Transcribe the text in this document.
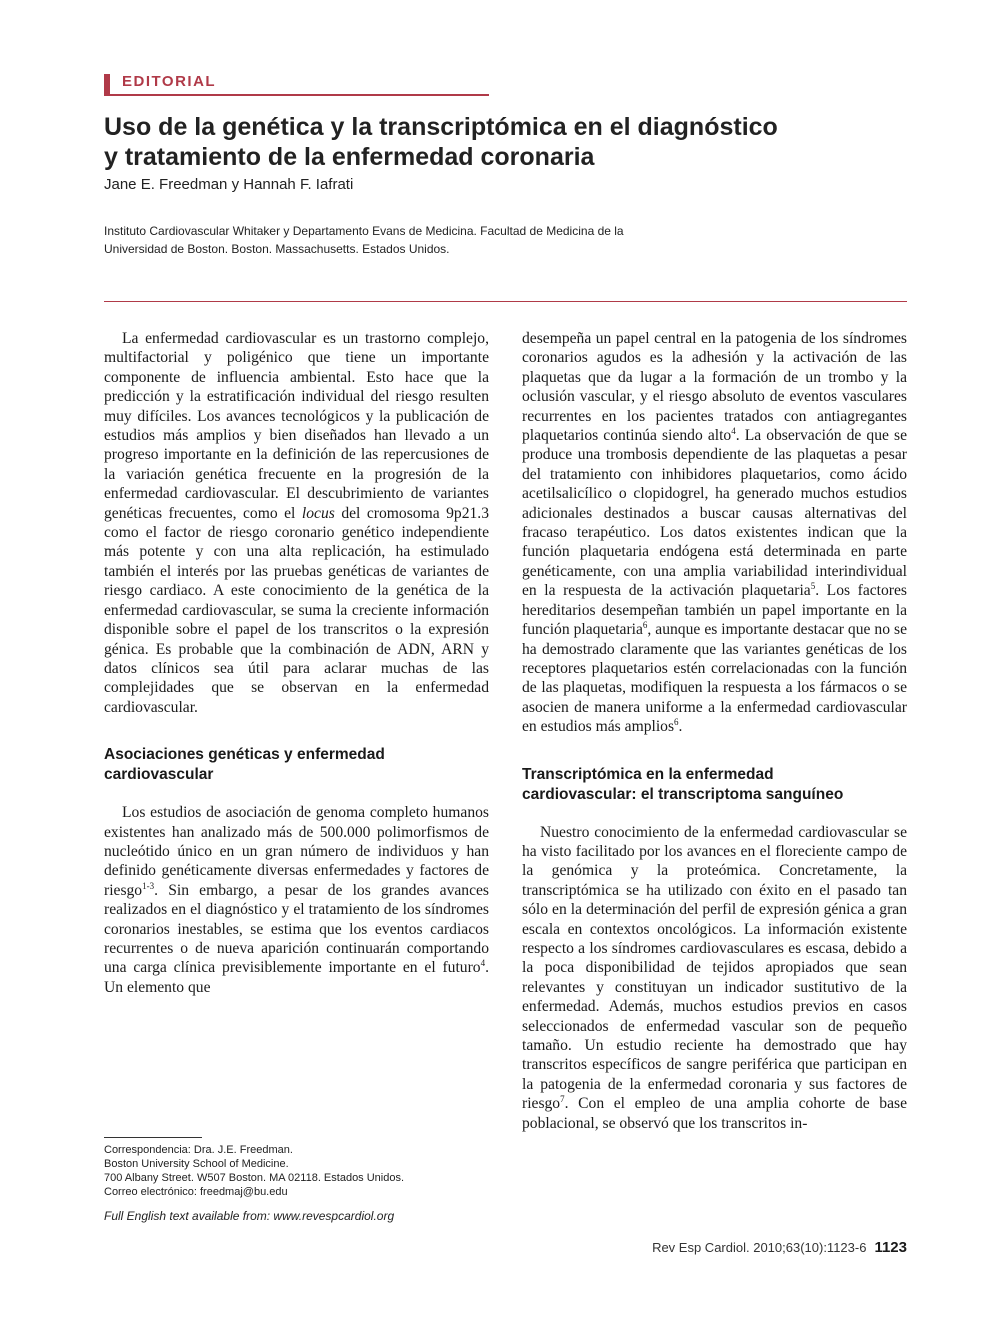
EDITORIAL
Uso de la genética y la transcriptómica en el diagnóstico
y tratamiento de la enfermedad coronaria
Jane E. Freedman y Hannah F. Iafrati
Instituto Cardiovascular Whitaker y Departamento Evans de Medicina. Facultad de Medicina de la
Universidad de Boston. Boston. Massachusetts. Estados Unidos.

La enfermedad cardiovascular es un trastorno complejo, multifactorial y poligénico que tiene un importante componente de influencia ambiental. Esto hace que la predicción y la estratificación individual del riesgo resulten muy difíciles. Los avances tecnológicos y la publicación de estudios más amplios y bien diseñados han llevado a un progreso importante en la definición de las repercusiones de la variación genética frecuente en la progresión de la enfermedad cardiovascular. El descubrimiento de variantes genéticas frecuentes, como el locus del cromosoma 9p21.3 como el factor de riesgo coronario genético independiente más potente y con una alta replicación, ha estimulado también el interés por las pruebas genéticas de variantes de riesgo cardiaco. A este conocimiento de la genética de la enfermedad cardiovascular, se suma la creciente información disponible sobre el papel de los transcritos o la expresión génica. Es probable que la combinación de ADN, ARN y datos clínicos sea útil para aclarar muchas de las complejidades que se observan en la enfermedad cardiovascular.

Asociaciones genéticas y enfermedad
cardiovascular

Los estudios de asociación de genoma completo humanos existentes han analizado más de 500.000 polimorfismos de nucleótido único en un gran número de individuos y han definido genéticamente diversas enfermedades y factores de riesgo$^{1-3}$. Sin embargo, a pesar de los grandes avances realizados en el diagnóstico y el tratamiento de los síndromes coronarios inestables, se estima que los eventos cardiacos recurrentes o de nueva aparición continuarán comportando una carga clínica previsiblemente importante en el futuro$^4$. Un elemento que

desempeña un papel central en la patogenia de los síndromes coronarios agudos es la adhesión y la activación de las plaquetas que da lugar a la formación de un trombo y la oclusión vascular, y el riesgo absoluto de eventos vasculares recurrentes en los pacientes tratados con antiagregantes plaquetarios continúa siendo alto$^4$. La observación de que se produce una trombosis dependiente de las plaquetas a pesar del tratamiento con inhibidores plaquetarios, como ácido acetilsalicílico o clopidogrel, ha generado muchos estudios adicionales destinados a buscar causas alternativas del fracaso terapéutico. Los datos existentes indican que la función plaquetaria endógena está determinada en parte genéticamente, con una amplia variabilidad interindividual en la respuesta de la activación plaquetaria$^5$. Los factores hereditarios desempeñan también un papel importante en la función plaquetaria$^6$, aunque es importante destacar que no se ha demostrado claramente que las variantes genéticas de los receptores plaquetarios estén correlacionadas con la función de las plaquetas, modifiquen la respuesta a los fármacos o se asocien de manera uniforme a la enfermedad cardiovascular en estudios más amplios$^6$.

Transcriptómica en la enfermedad
cardiovascular: el transcriptoma sanguíneo

Nuestro conocimiento de la enfermedad cardiovascular se ha visto facilitado por los avances en el floreciente campo de la genómica y la proteómica. Concretamente, la transcriptómica se ha utilizado con éxito en el pasado tan sólo en la determinación del perfil de expresión génica a gran escala en contextos oncológicos. La información existente respecto a los síndromes cardiovasculares es escasa, debido a la poca disponibilidad de tejidos apropiados que sean relevantes y constituyan un indicador sustitutivo de la enfermedad. Además, muchos estudios previos en casos seleccionados de enfermedad vascular son de pequeño tamaño. Un estudio reciente ha demostrado que hay transcritos específicos de sangre periférica que participan en la patogenia de la enfermedad coronaria y sus factores de riesgo$^7$. Con el empleo de una amplia cohorte de base poblacional, se observó que los transcritos in-

Correspondencia: Dra. J.E. Freedman.
Boston University School of Medicine.
700 Albany Street. W507 Boston. MA 02118. Estados Unidos.
Correo electrónico: freedmaj@bu.edu
Full English text available from: www.revespcardiol.org
Rev Esp Cardiol. 2010;63(10):1123-6 1123
